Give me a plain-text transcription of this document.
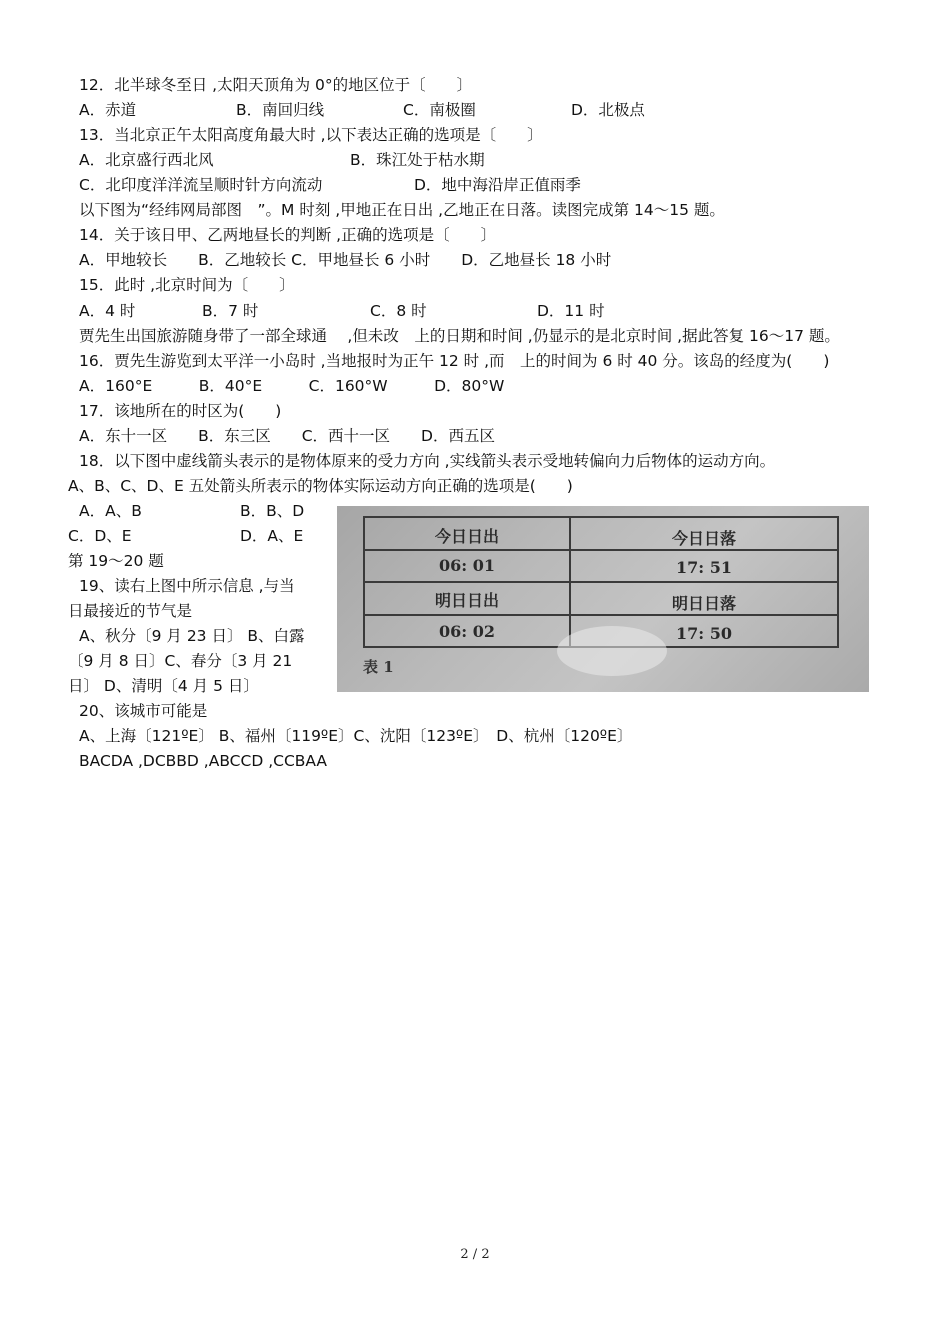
12．北半球冬至日 ,太阳天顶角为 0°的地区位于〔　　〕
A．赤道	B．南回归线	C．南极圈	D．北极点
13．当北京正午太阳高度角最大时 ,以下表达正确的选项是〔　　〕
A．北京盛行西北风	B．珠江处于枯水期
C．北印度洋洋流呈顺时针方向流动	D．地中海沿岸正值雨季
以下图为“经纬网局部图　”。M 时刻 ,甲地正在日出 ,乙地正在日落。读图完成第 14～15 题。
14．关于该日甲、乙两地昼长的判断 ,正确的选项是〔　　〕
A．甲地较长　　B．乙地较长 C．甲地昼长 6 小时　　D．乙地昼长 18 小时
15．此时 ,北京时间为〔　　〕
A．4 时	B．7 时	C．8 时	D．11 时
贾先生出国旅游随身带了一部全球通　 ,但未改　上的日期和时间 ,仍显示的是北京时间 ,据此答复 16～17 题。
16．贾先生游览到太平洋一小岛时 ,当地报时为正午 12 时 ,而　上的时间为 6 时 40 分。该岛的经度为(　　)
A．160°E　　　B．40°E　　　C．160°W　　　D．80°W
17．该地所在的时区为(　　)
A．东十一区　　B．东三区　　C．西十一区　　D．西五区
18．以下图中虚线箭头表示的是物体原来的受力方向 ,实线箭头表示受地转偏向力后物体的运动方向。
A、B、C、D、E 五处箭头所表示的物体实际运动方向正确的选项是(　　)
A．A、B	B．B、D
C．D、E	D．A、E
第 19～20 题
19、读右上图中所示信息 ,与当
日最接近的节气是
A、秋分〔9 月 23 日〕 B、白露
〔9 月 8 日〕C、春分〔3 月 21
日〕 D、清明〔4 月 5 日〕
20、该城市可能是
A、上海〔121ºE〕 B、福州〔119ºE〕C、沈阳〔123ºE〕　D、杭州〔120ºE〕
BACDA ,DCBBD ,ABCCD ,CCBAA
今日日出	今日日落
06: 01	17: 51
明日日出	明日日落
06: 02	17: 50
表 1
2 / 2
